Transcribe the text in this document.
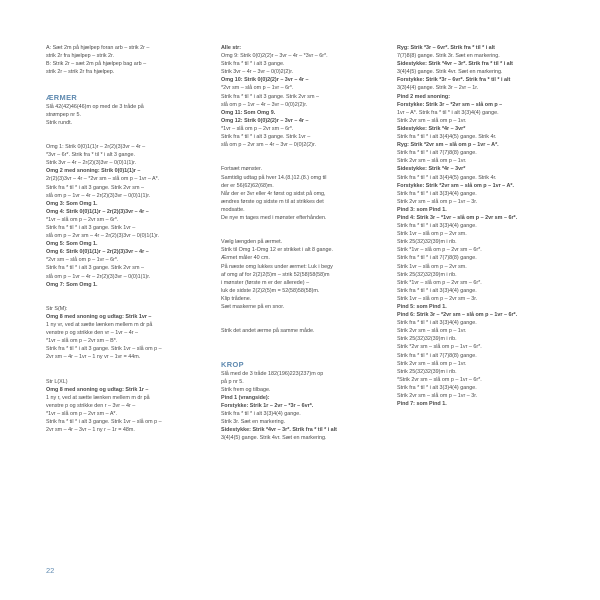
A: Sæt 2m på hjælpep foran arb – strik 2r –
strik 2r fra hjælpep – strik 2r.
B: Strik 2r – sæt 2m på hjælpep bag arb –
strik 2r – strik 2r fra hjælpep.
ÆRMER
Slå 42(42)46(46)m op med de 3 tråde på
strømpep nr 5.
Strik rundt.
Omg 1: Strik 0(0)1(1)r – 2r(2)(3)3vr – 4r –
*3vr – 6r*. Strik fra * til * i alt 3 gange.
Strik 3vr – 4r – 2r(2)(3)3vr – 0(0)1(1)r.
Omg 2 med snoning: Strik 0(0)1(1)r –
2r(2)(3)3vr – 4r – *2vr sm – slå om p – 1vr – A*.
Strik fra * til * i alt 3 gange. Strik 2vr sm –
slå om p – 1vr – 4r – 2r(2)(3)3vr – 0(0)1(1)r.
Omg 3: Som Omg 1.
Omg 4: Strik 0(0)1(1)r – 2r(2)(3)3vr – 4r –
*1vr – slå om p – 2vr sm – 6r*.
Strik fra * til * i alt 3 gange. Strik 1vr –
slå om p – 2vr sm – 4r – 2r(2)(3)3vr – 0(0)1(1)r.
Omg 5: Som Omg 1.
Omg 6: Strik 0(0)1(1)r – 2r(2)(3)3vr – 4r –
*2vr sm – slå om p – 1vr – 6r*.
Strik fra * til * i alt 3 gange. Strik 2vr sm –
slå om p – 1vr – 4r – 2r(2)(3)3vr – 0(0)1(1)r.
Omg 7: Som Omg 1.
Str S(M):
Omg 8 med snoning og udtag: Strik 1vr –
1 ny vr, ved at sætte lænken mellem m dr på
venstre p og strikke den vr – 1vr – 4r –
*1vr – slå om p – 2vr sm – B*.
Strik fra * til * i alt 3 gange. Strik 1vr – slå om p –
2vr sm – 4r – 1vr – 1 ny vr – 1vr = 44m.
Str L(XL)
Omg 8 med snoning og udtag: Strik 1r –
1 ny r, ved at sætte lænken mellem m dr på
venstre p og strikke den r – 3vr – 4r –
*1vr – slå om p – 2vr sm – A*.
Strik fra * til * i alt 3 gange. Strik 1vr – slå om p –
2vr sm – 4r – 3vr – 1 ny r – 1r = 48m.
Alle str:
Omg 9: Strik 0(0)2(2)r – 3vr – 4r – *3vr – 6r*.
Strik fra * til * i alt 3 gange.
Strik 3vr – 4r – 3vr – 0(0)2(2)r.
Omg 10: Strik 0(0)2(2)r – 3vr – 4r –
*2vr sm – slå om p – 1vr – 6r*.
Strik fra * til * i alt 3 gange. Strik 2vr sm –
slå om p – 1vr – 4r – 3vr – 0(0)2(2)r.
Omg 11: Som Omg 9.
Omg 12: Strik 0(0)2(2)r – 3vr – 4r –
*1vr – slå om p – 2vr sm – 6r*.
Strik fra * til * i alt 3 gange. Strik 1vr –
slå om p – 2vr sm – 4r – 3vr – 0(0)2(2)r.
Fortsæt mønster.
Samtidig udtag på hver 14.(8.)12.(8.) omg til
der er 56(62)62(68)m.
Når der er 3vr eller 4r først og sidst på omg,
ændres første og sidste m til at strikkes det
modsatte.
De nye m tages med i mønster efterhånden.
Vælg længden på ærmet.
Strik til Omg 1-Omg 12 er strikket i alt 8 gange.
Ærmet måler 40 cm.
På næste omg lukkes under ærmet: Luk i begy
af omg af for 2(2)2(5)m – strik 52(58)58(58)m
i mønster (første m er der allerede) –
luk de sidste 2(2)2(5)m = 52(58)58(58)m.
Klip trådene.
Sæt maskerne på en snor.
Strik det andet ærme på samme måde.
KROP
Slå med de 3 tråde 182(196)223(237)m op
på p nr 5.
Strik frem og tilbage.
Pind 1 (vrangside):
Forstykke: Strik 1r – 2vr – *3r – 6vr*.
Strik fra * til * i alt 3(3)4(4) gange.
Strik 3r. Sæt en markering.
Sidestykke: Strik *4vr – 3r*. Strik fra * til * i alt
3(4)4(5) gange. Strik 4vr. Sæt en markering.
Ryg: Strik *3r – 6vr*. Strik fra * til * i alt
7(7)8(8) gange. Strik 3r. Sæt en markering.
Sidestykke: Strik *4vr – 3r*. Strik fra * til * i alt
3(4)4(5) gange. Strik 4vr. Sæt en markering.
Forstykke: Strik *3r – 6vr*. Strik fra * til * i alt
3(3)4(4) gange. Strik 3r – 2vr – 1r.
Pind 2 med snoning:
Forstykke: Strik 3r – *2vr sm – slå om p –
1vr – A*. Strik fra * til * i alt 3(3)4(4) gange.
Strik 2vr sm – slå om p – 1vr.
Sidestykke: Strik *4r – 3vr*
Strik fra * til * i alt 3(4)4(5) gange. Strik 4r.
Ryg: Strik *2vr sm – slå om p – 1vr – A*.
Strik fra * til * i alt 7(7)8(8) gange.
Strik 2vr sm – slå om p – 1vr.
Sidestykke: Strik *4r – 3vr*
Strik fra * til * i alt 3(4)4(5) gange. Strik 4r.
Forstykke: Strik *2vr sm – slå om p – 1vr – A*.
Strik fra * til * i alt 3(3)4(4) gange.
Strik 2vr sm – slå om p – 1vr – 3r.
Pind 3: som Pind 1.
Pind 4: Strik 3r – *1vr – slå om p – 2vr sm – 6r*.
Strik fra * til * i alt 3(3)4(4) gange.
Strik 1vr – slå om p – 2vr sm.
Strik 25(32)32(39)m i rib.
Strik *1vr – slå om p – 2vr sm – 6r*.
Strik fra * til * i alt 7(7)8(8) gange.
Strik 1vr – slå om p – 2vr sm.
Strik 25(32)32(39)m i rib.
Strik *1vr – slå om p – 2vr sm – 6r*.
Strik fra * til * i alt 3(3)4(4) gange.
Strik 1vr – slå om p – 2vr sm – 3r.
Pind 5: som Pind 1.
Pind 6: Strik 3r – *2vr sm – slå om p – 1vr – 6r*.
Strik fra * til * i alt 3(3)4(4) gange.
Strik 2vr sm – slå om p – 1vr.
Strik 25(32)32(39)m i rib.
Strik *2vr sm – slå om p – 1vr – 6r*.
Strik fra * til * i alt 7(7)8(8) gange.
Strik 2vr sm – slå om p – 1vr.
Strik 25(32)32(39)m i rib.
*Strik 2vr sm – slå om p – 1vr – 6r*.
Strik fra * til * i alt 3(3)4(4) gange.
Strik 2vr sm – slå om p – 1vr – 3r.
Pind 7: som Pind 1.
22
